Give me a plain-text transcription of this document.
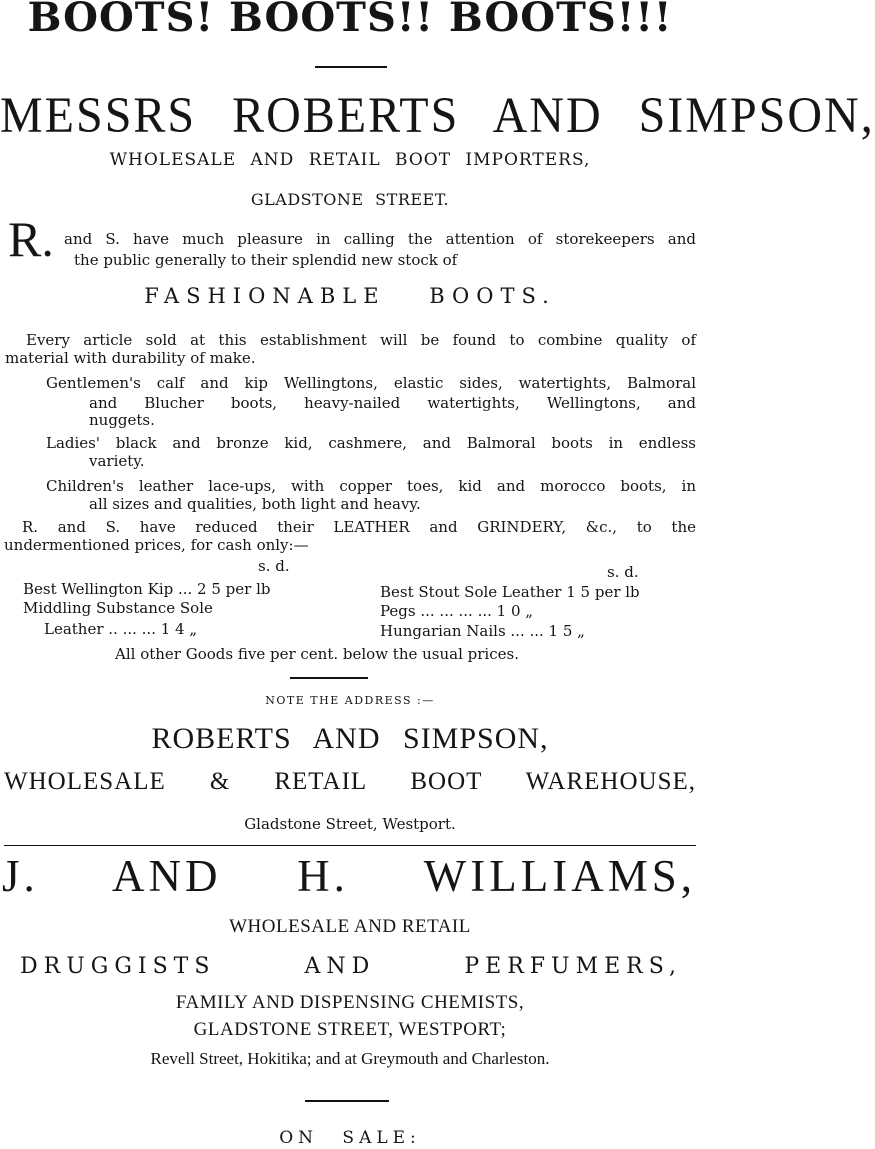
BOOTS! BOOTS!! BOOTS!!!
MESSRS ROBERTS AND SIMPSON,
WHOLESALE AND RETAIL BOOT IMPORTERS,
GLADSTONE STREET.
R. and S. have much pleasure in calling the attention of storekeepers and
the public generally to their splendid new stock of
FASHIONABLE BOOTS.
Every article sold at this establishment will be found to combine quality of
material with durability of make.
Gentlemen's calf and kip Wellingtons, elastic sides, watertights, Balmoral
and Blucher boots, heavy-nailed watertights, Wellingtons, and
nuggets.
Ladies' black and bronze kid, cashmere, and Balmoral boots in endless
variety.
Children's leather lace-ups, with copper toes, kid and morocco boots, in
all sizes and qualities, both light and heavy.
R. and S. have reduced their LEATHER and GRINDERY, &c., to the
undermentioned prices, for cash only:—
s. d.	s. d.
Best Wellington Kip ... 2 5 per lb
Middling Substance Sole
Leather .. ... ... 1 4 „
Best Stout Sole Leather 1 5 per lb
Pegs ... ... ... ... 1 0 „
Hungarian Nails ... ... 1 5 „
All other Goods five per cent. below the usual prices.
NOTE THE ADDRESS :—
ROBERTS AND SIMPSON,
WHOLESALE & RETAIL BOOT WAREHOUSE,
Gladstone Street, Westport.
J. AND H. WILLIAMS,
WHOLESALE AND RETAIL
DRUGGISTS AND PERFUMERS,
FAMILY AND DISPENSING CHEMISTS,
GLADSTONE STREET, WESTPORT;
Revell Street, Hokitika; and at Greymouth and Charleston.
ON SALE:
